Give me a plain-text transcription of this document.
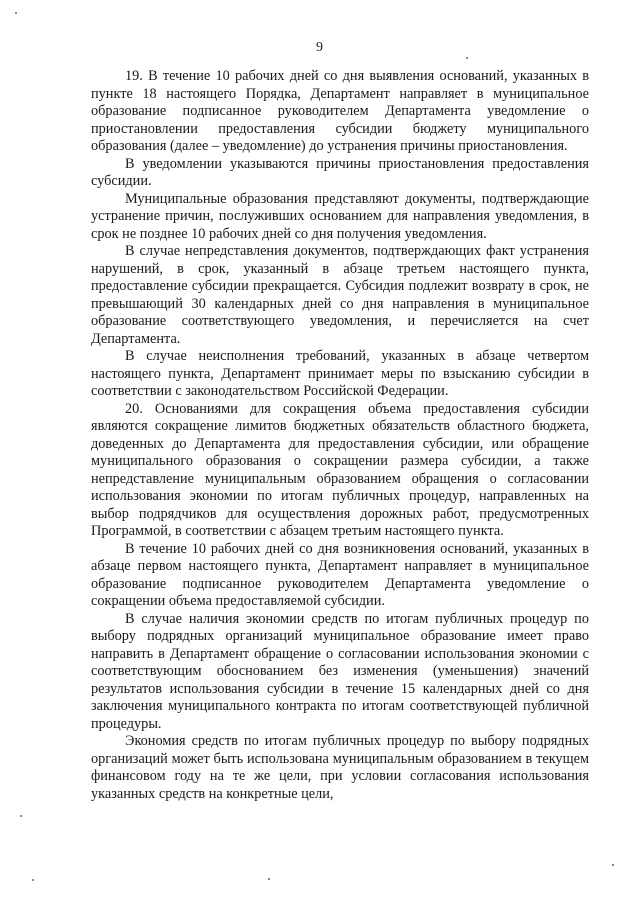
9

19. В течение 10 рабочих дней со дня выявления оснований, указанных в пункте 18 настоящего Порядка, Департамент направляет в муниципальное образование подписанное руководителем Департамента уведомление о приостановлении предоставления субсидии бюджету муниципального образования (далее – уведомление) до устранения причины приостановления.

В уведомлении указываются причины приостановления предоставления субсидии.

Муниципальные образования представляют документы, подтверждающие устранение причин, послуживших основанием для направления уведомления, в срок не позднее 10 рабочих дней со дня получения уведомления.

В случае непредставления документов, подтверждающих факт устранения нарушений, в срок, указанный в абзаце третьем настоящего пункта, предоставление субсидии прекращается. Субсидия подлежит возврату в срок, не превышающий 30 календарных дней со дня направления в муниципальное образование соответствующего уведомления, и перечисляется на счет Департамента.

В случае неисполнения требований, указанных в абзаце четвертом настоящего пункта, Департамент принимает меры по взысканию субсидии в соответствии с законодательством Российской Федерации.

20. Основаниями для сокращения объема предоставления субсидии являются сокращение лимитов бюджетных обязательств областного бюджета, доведенных до Департамента для предоставления субсидии, или обращение муниципального образования о сокращении размера субсидии, а также непредставление муниципальным образованием обращения о согласовании использования экономии по итогам публичных процедур, направленных на выбор подрядчиков для осуществления дорожных работ, предусмотренных Программой, в соответствии с абзацем третьим настоящего пункта.

В течение 10 рабочих дней со дня возникновения оснований, указанных в абзаце первом настоящего пункта, Департамент направляет в муниципальное образование подписанное руководителем Департамента уведомление о сокращении объема предоставляемой субсидии.

В случае наличия экономии средств по итогам публичных процедур по выбору подрядных организаций муниципальное образование имеет право направить в Департамент обращение о согласовании использования экономии с соответствующим обоснованием без изменения (уменьшения) значений результатов использования субсидии в течение 15 календарных дней со дня заключения муниципального контракта по итогам соответствующей публичной процедуры.

Экономия средств по итогам публичных процедур по выбору подрядных организаций может быть использована муниципальным образованием в текущем финансовом году на те же цели, при условии согласования использования указанных средств на конкретные цели,
